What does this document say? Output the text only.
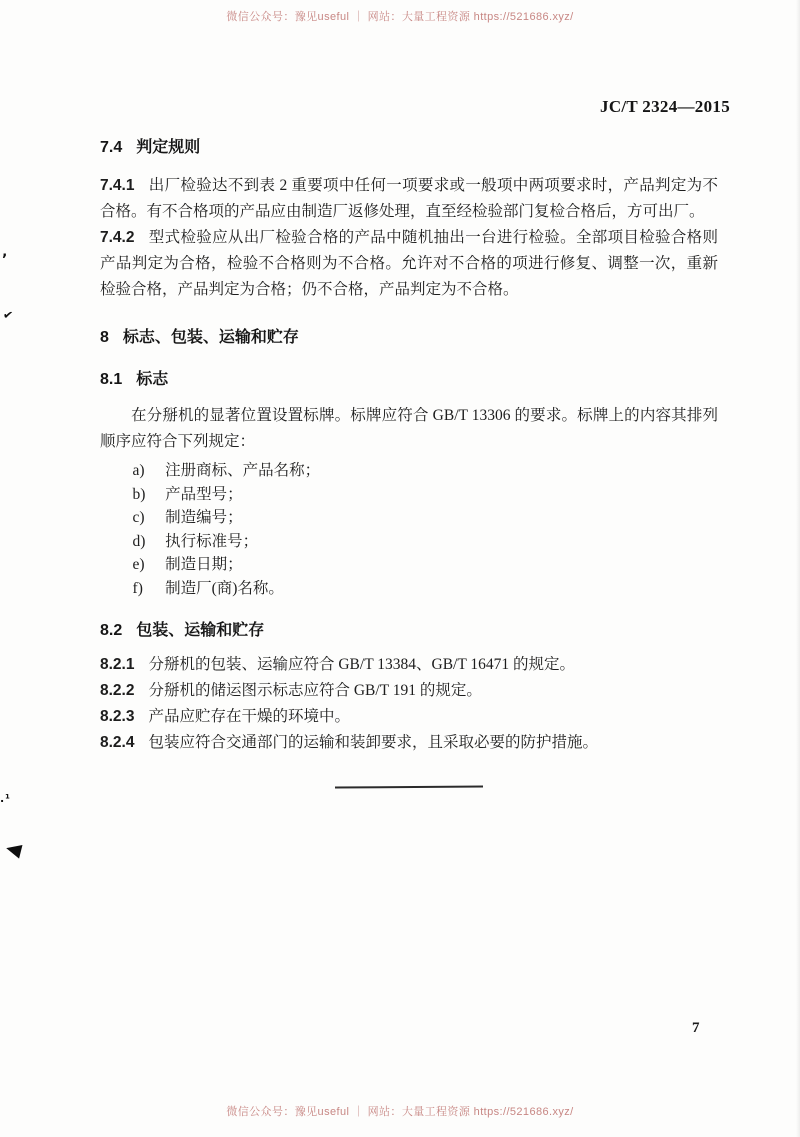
微信公众号：豫见useful ｜ 网站：大量工程资源 https://521686.xyz/
JC/T 2324—2015
7.4 判定规则

7.4.1 出厂检验达不到表 2 重要项中任何一项要求或一般项中两项要求时，产品判定为不合格。有不合格项的产品应由制造厂返修处理，直至经检验部门复检合格后，方可出厂。

7.4.2 型式检验应从出厂检验合格的产品中随机抽出一台进行检验。全部项目检验合格则产品判定为合格，检验不合格则为不合格。允许对不合格的项进行修复、调整一次，重新检验合格，产品判定为合格；仍不合格，产品判定为不合格。

8 标志、包装、运输和贮存
8.1 标志

在分掰机的显著位置设置标牌。标牌应符合 GB/T 13306 的要求。标牌上的内容其排列顺序应符合下列规定：

a) 注册商标、产品名称；
b) 产品型号；
c) 制造编号；
d) 执行标准号；
e) 制造日期；
f) 制造厂(商)名称。
8.2 包装、运输和贮存

8.2.1 分掰机的包装、运输应符合 GB/T 13384、GB/T 16471 的规定。

8.2.2 分掰机的储运图示标志应符合 GB/T 191 的规定。

8.2.3 产品应贮存在干燥的环境中。

8.2.4 包装应符合交通部门的运输和装卸要求，且采取必要的防护措施。

7
微信公众号：豫见useful ｜ 网站：大量工程资源 https://521686.xyz/
’
✔
.¹
